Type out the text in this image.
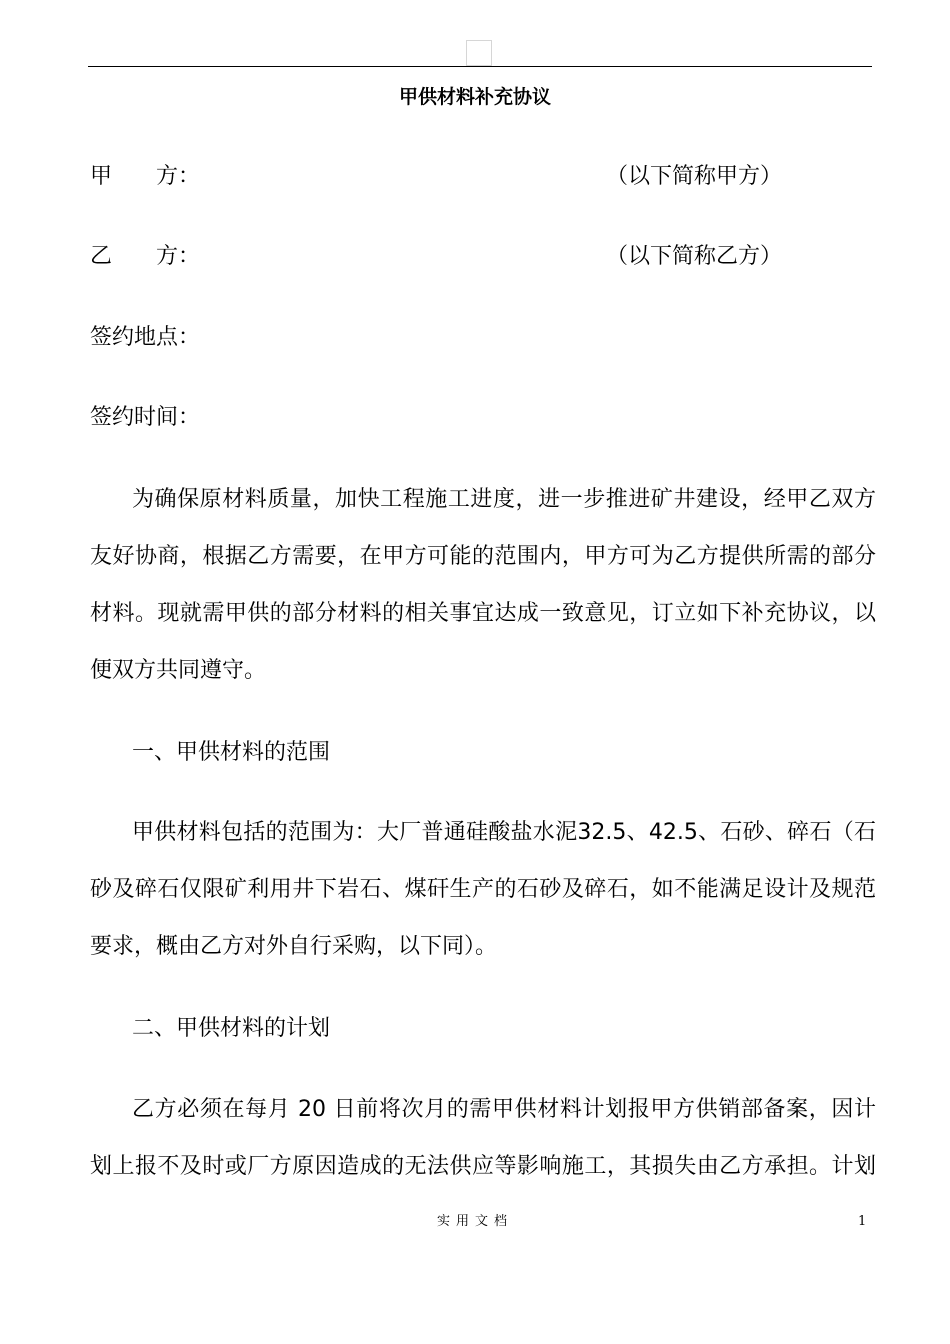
甲供材料补充协议
甲 方：	（以下简称甲方）
乙 方：	（以下简称乙方）
签约地点：
签约时间：
为确保原材料质量，加快工程施工进度，进一步推进矿井建设，经甲乙双方
友好协商，根据乙方需要，在甲方可能的范围内，甲方可为乙方提供所需的部分
材料。现就需甲供的部分材料的相关事宜达成一致意见，订立如下补充协议，以
便双方共同遵守。
一、甲供材料的范围
甲供材料包括的范围为：大厂普通硅酸盐水泥32.5、42.5、石砂、碎石（石
砂及碎石仅限矿利用井下岩石、煤矸生产的石砂及碎石，如不能满足设计及规范
要求，概由乙方对外自行采购，以下同）。
二、甲供材料的计划
乙方必须在每月 20 日前将次月的需甲供材料计划报甲方供销部备案，因计
划上报不及时或厂方原因造成的无法供应等影响施工，其损失由乙方承担。计划
实用文档	1
